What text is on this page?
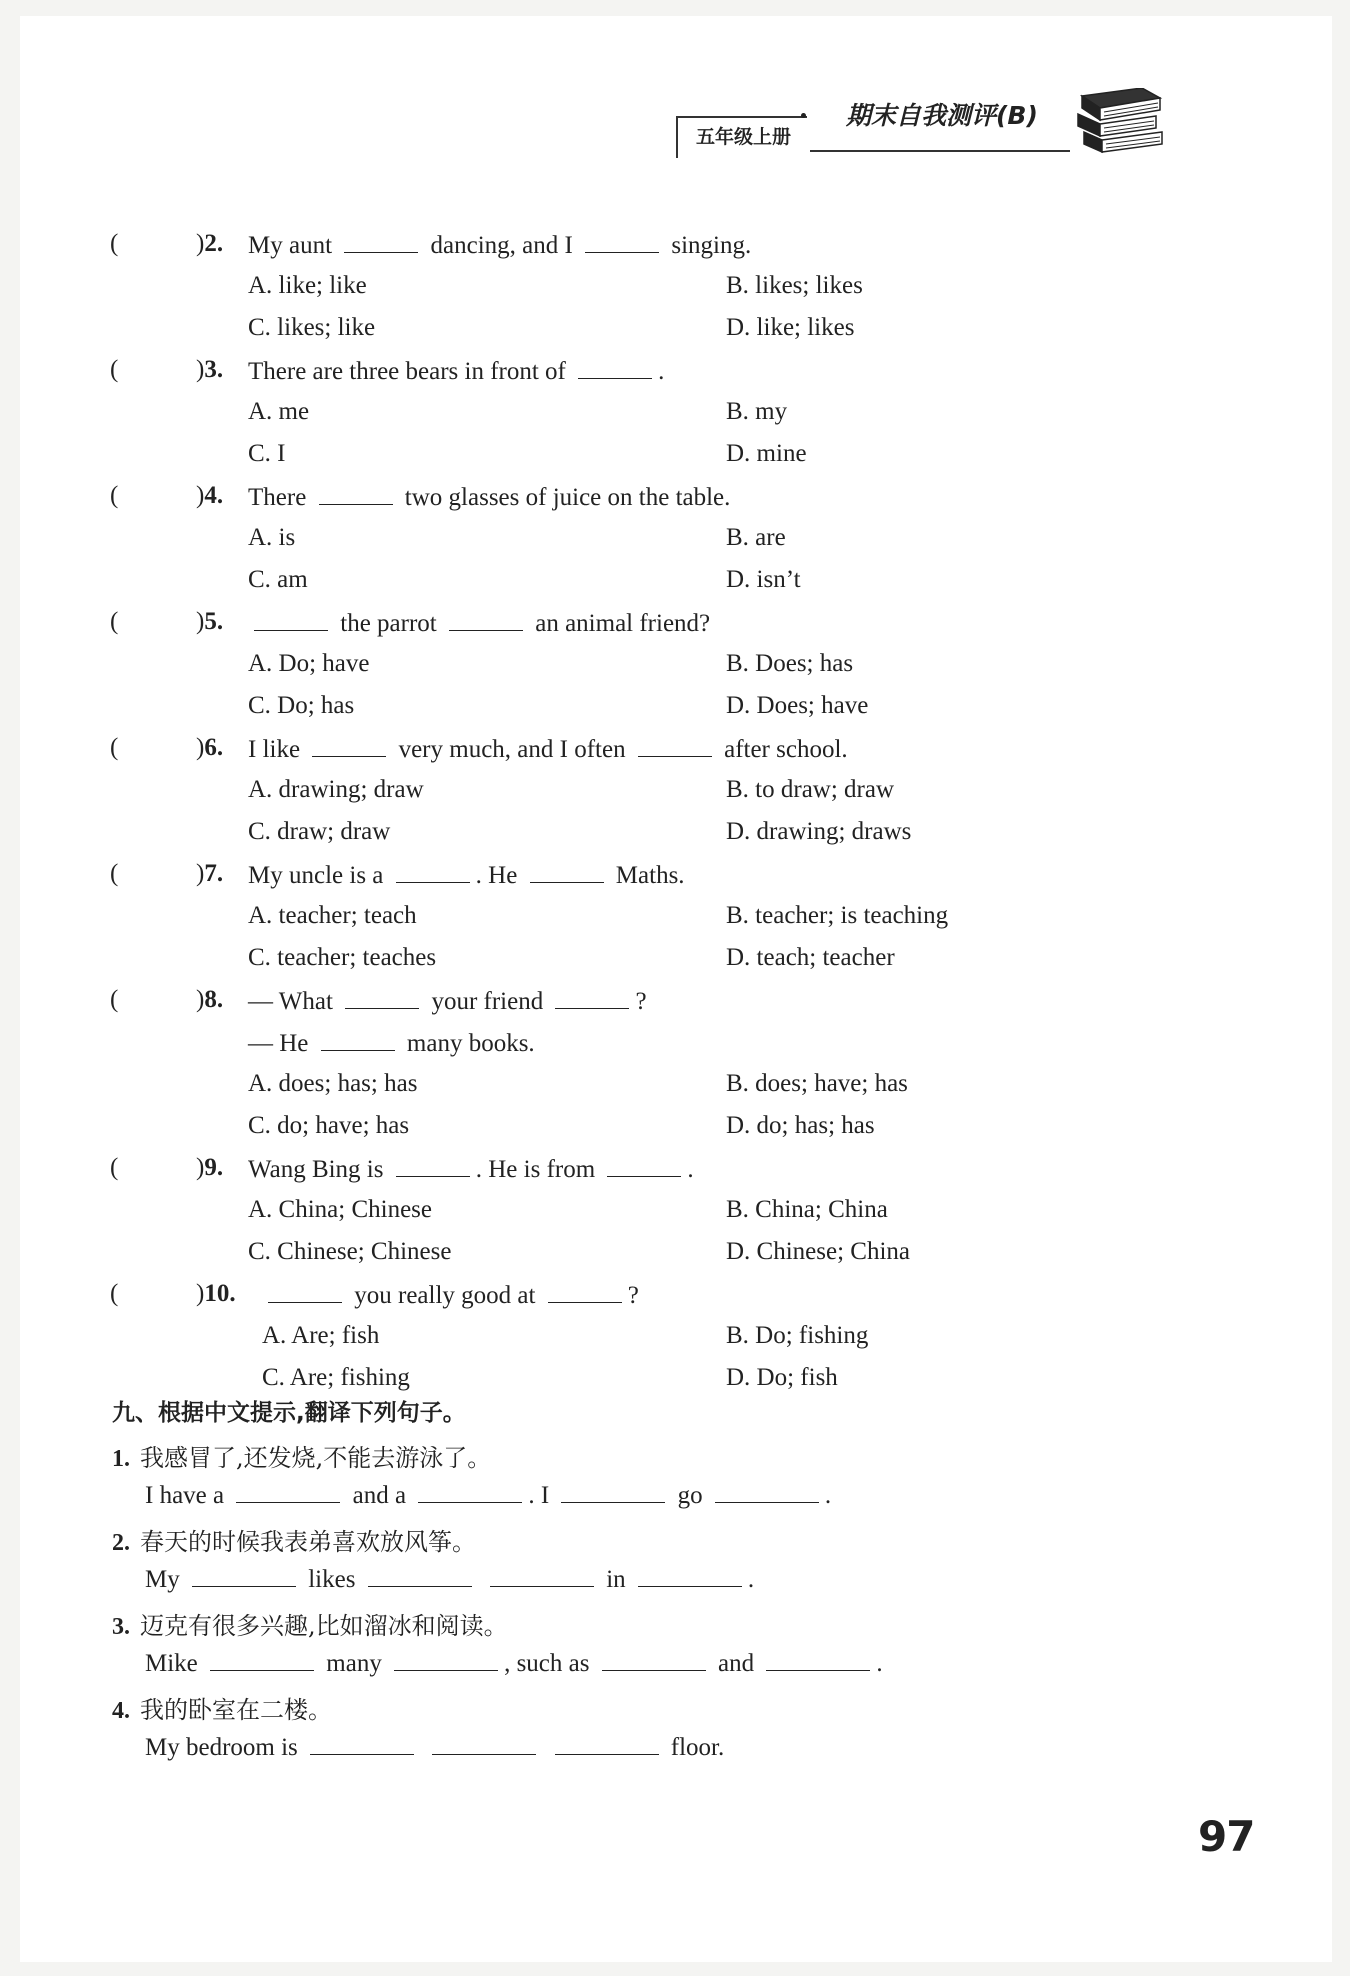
五年级上册
期末自我测评(B)
(	)2. My aunt	dancing, and I	singing.
A. like; like	B. likes; likes
C. likes; like	D. like; likes
(	)3. There are three bears in front of	.
A. me	B. my
C. I	D. mine
(	)4. There	two glasses of juice on the table.
A. is	B. are
C. am	D. isn’t
(	)5.	the parrot	an animal friend?
A. Do; have	B. Does; has
C. Do; has	D. Does; have
(	)6. I like	very much, and I often	after school.
A. drawing; draw	B. to draw; draw
C. draw; draw	D. drawing; draws
(	)7. My uncle is a	. He	Maths.
A. teacher; teach	B. teacher; is teaching
C. teacher; teaches	D. teach; teacher
(	)8. — What	your friend	?
— He	many books.
A. does; has; has	B. does; have; has
C. do; have; has	D. do; has; has
(	)9. Wang Bing is	. He is from	.
A. China; Chinese	B. China; China
C. Chinese; Chinese	D. Chinese; China
(	)10.	you really good at	?
A. Are; fish	B. Do; fishing
C. Are; fishing	D. Do; fish
九、根据中文提示,翻译下列句子。
1. 我感冒了,还发烧,不能去游泳了。
I have a	and a	. I	go	.
2. 春天的时候我表弟喜欢放风筝。
My	likes	in	.
3. 迈克有很多兴趣,比如溜冰和阅读。
Mike	many	, such as	and	.
4. 我的卧室在二楼。
My bedroom is	floor.
97
